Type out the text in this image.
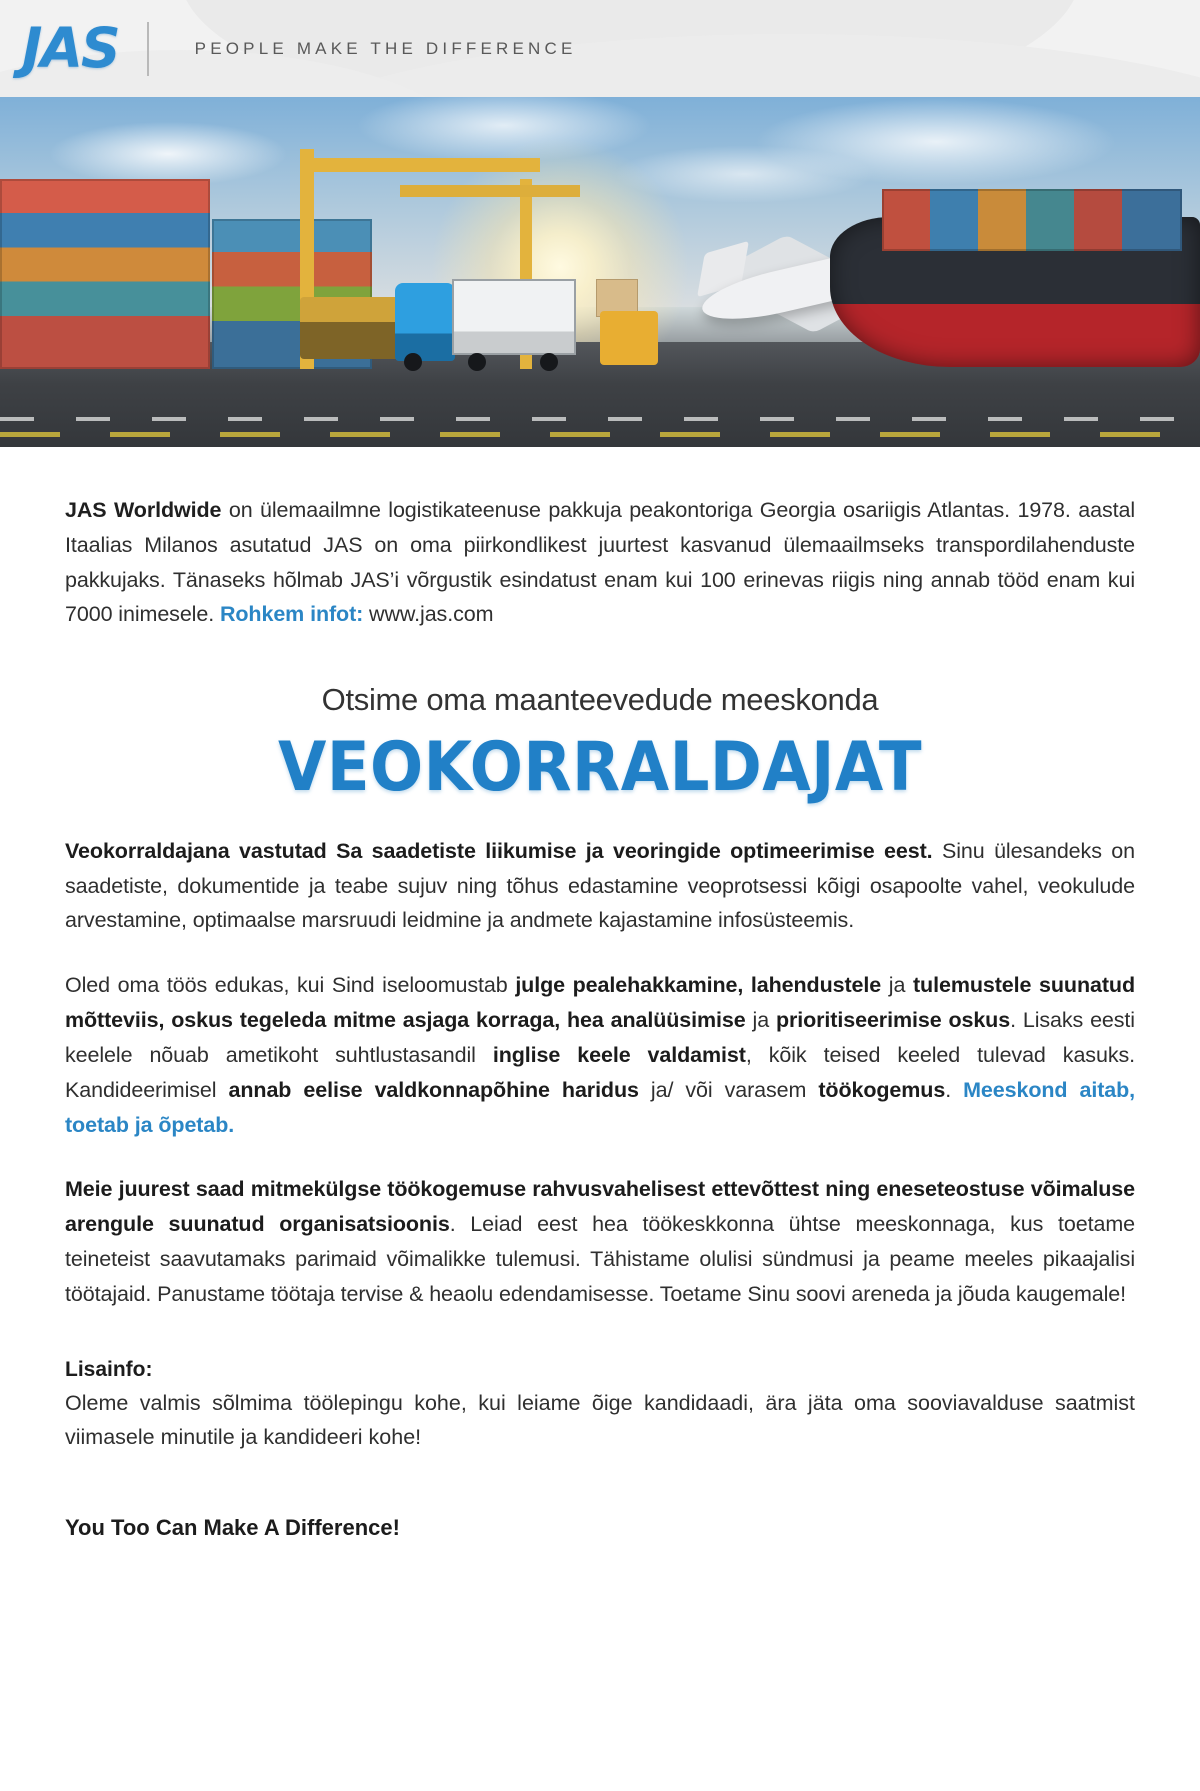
JAS	PEOPLE MAKE THE DIFFERENCE

JAS Worldwide on ülemaailmne logistikateenuse pakkuja peakontoriga Georgia osariigis Atlantas. 1978. aastal Itaalias Milanos asutatud JAS on oma piirkondlikest juurtest kasvanud ülemaailmseks transpordilahenduste pakkujaks. Tänaseks hõlmab JAS’i võrgustik esindatust enam kui 100 erinevas riigis ning annab tööd enam kui 7000 inimesele. Rohkem infot: www.jas.com

Otsime oma maanteevedude meeskonda
VEOKORRALDAJAT

Veokorraldajana vastutad Sa saadetiste liikumise ja veoringide optimeerimise eest. Sinu ülesandeks on saadetiste, dokumentide ja teabe sujuv ning tõhus edastamine veoprotsessi kõigi osapoolte vahel, veokulude arvestamine, optimaalse marsruudi leidmine ja andmete kajastamine infosüsteemis.

Oled oma töös edukas, kui Sind iseloomustab julge pealehakkamine, lahendustele ja tulemustele suunatud mõtteviis, oskus tegeleda mitme asjaga korraga, hea analüüsimise ja prioritiseerimise oskus. Lisaks eesti keelele nõuab ametikoht suhtlustasandil inglise keele valdamist, kõik teised keeled tulevad kasuks. Kandideerimisel annab eelise valdkonnapõhine haridus ja/ või varasem töökogemus. Meeskond aitab, toetab ja õpetab.

Meie juurest saad mitmekülgse töökogemuse rahvusvahelisest ettevõttest ning eneseteostuse võimaluse arengule suunatud organisatsioonis. Leiad eest hea töökeskkonna ühtse meeskonnaga, kus toetame teineteist saavutamaks parimaid võimalikke tulemusi. Tähistame olulisi sündmusi ja peame meeles pikaajalisi töötajaid. Panustame töötaja tervise & heaolu edendamisesse. Toetame Sinu soovi areneda ja jõuda kaugemale!

Lisainfo:

Oleme valmis sõlmima töölepingu kohe, kui leiame õige kandidaadi, ära jäta oma sooviavalduse saatmist viimasele minutile ja kandideeri kohe!

You Too Can Make A Difference!
